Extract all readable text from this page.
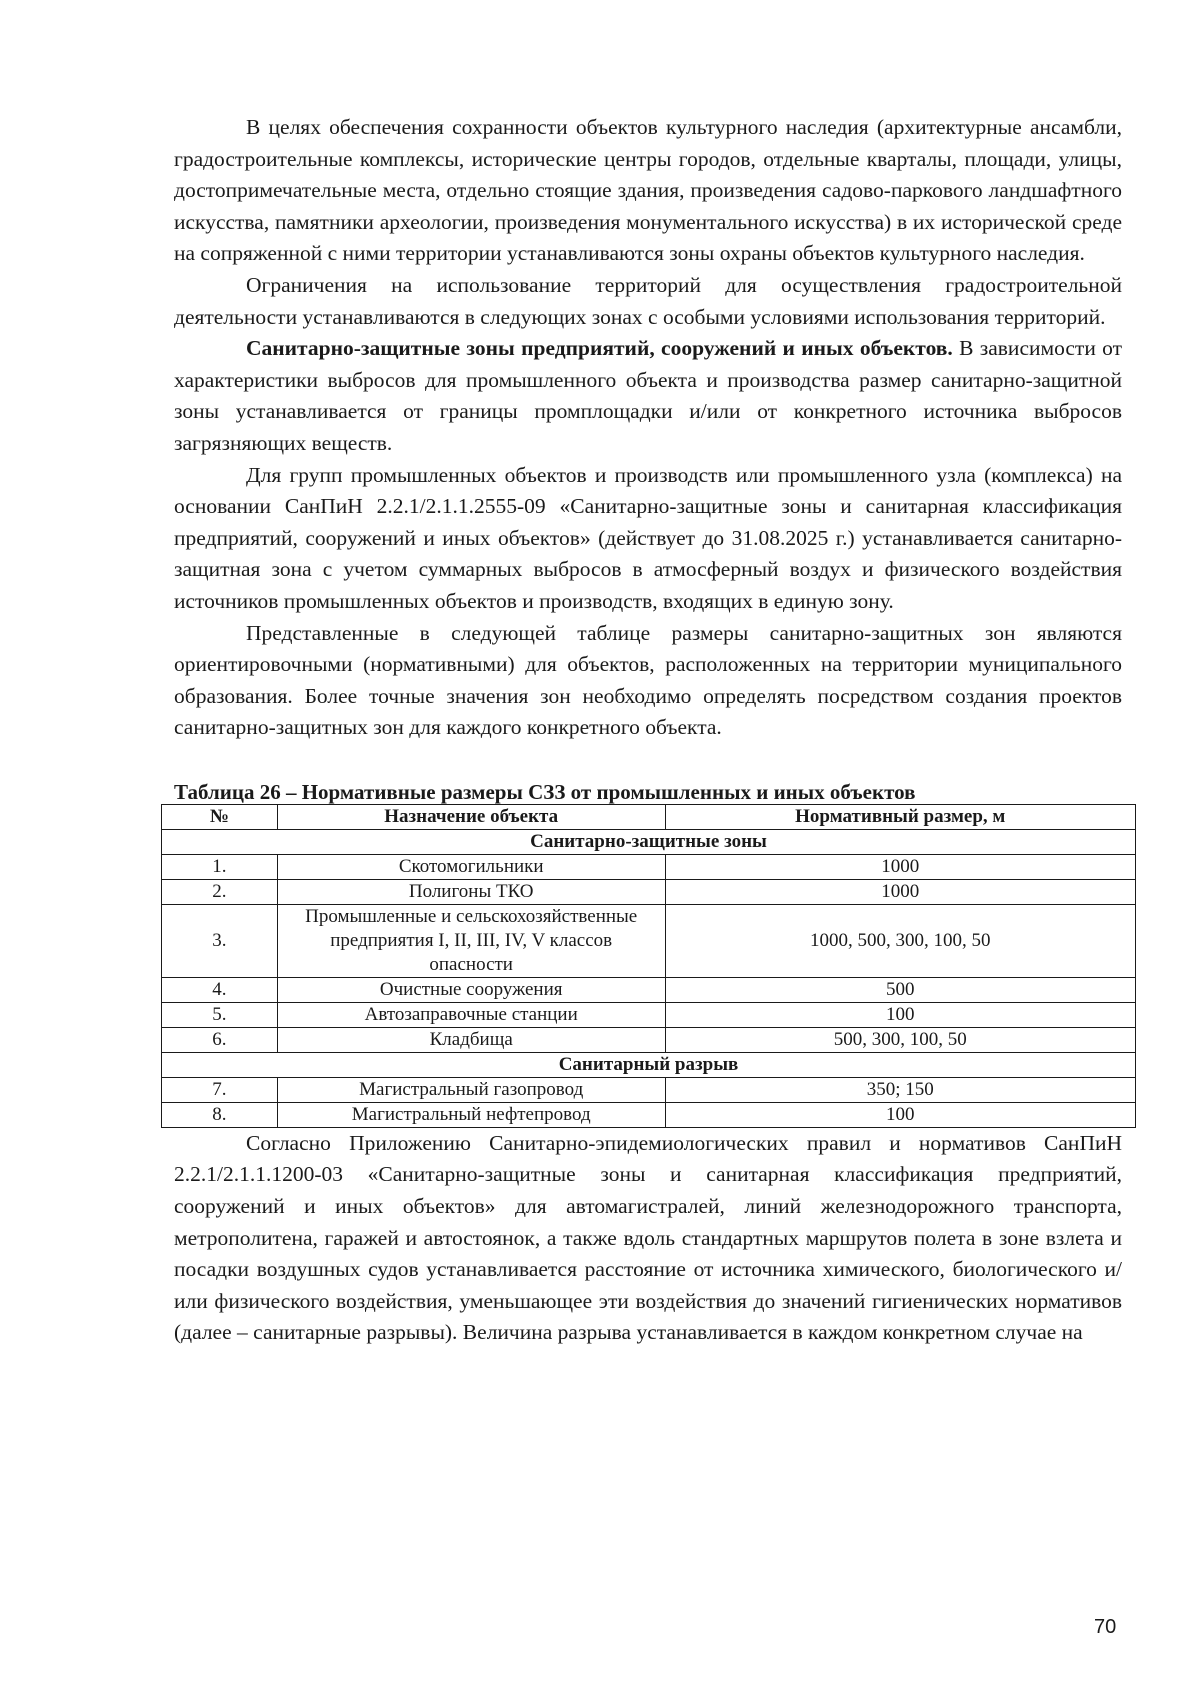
В целях обеспечения сохранности объектов культурного наследия (архитектурные ансамбли, градостроительные комплексы, исторические центры городов, отдельные кварталы, площади, улицы, достопримечательные места, отдельно стоящие здания, произведения садово-паркового ландшафтного искусства, памятники археологии, произведения монументального искусства) в их исторической среде на сопряженной с ними территории устанавливаются зоны охраны объектов культурного наследия.

Ограничения на использование территорий для осуществления градостроительной деятельности устанавливаются в следующих зонах с особыми условиями использования территорий.

Санитарно-защитные зоны предприятий, сооружений и иных объектов. В зависимости от характеристики выбросов для промышленного объекта и производства размер санитарно-защитной зоны устанавливается от границы промплощадки и/или от конкретного источника выбросов загрязняющих веществ.

Для групп промышленных объектов и производств или промышленного узла (комплекса) на основании СанПиН 2.2.1/2.1.1.2555-09 «Санитарно-защитные зоны и санитарная классификация предприятий, сооружений и иных объектов» (действует до 31.08.2025 г.) устанавливается санитарно-защитная зона с учетом суммарных выбросов в атмосферный воздух и физического воздействия источников промышленных объектов и производств, входящих в единую зону.

Представленные в следующей таблице размеры санитарно-защитных зон являются ориентировочными (нормативными) для объектов, расположенных на территории муниципального образования. Более точные значения зон необходимо определять посредством создания проектов санитарно-защитных зон для каждого конкретного объекта.

Таблица 26 – Нормативные размеры СЗЗ от промышленных и иных объектов
№	Назначение объекта	Нормативный размер, м
Санитарно-защитные зоны		
1.	Скотомогильники	1000
2.	Полигоны ТКО	1000
3.	Промышленные и сельскохозяйственные предприятия I, II, III, IV, V классов опасности	1000, 500, 300, 100, 50
4.	Очистные сооружения	500
5.	Автозаправочные станции	100
6.	Кладбища	500, 300, 100, 50
Санитарный разрыв		
7.	Магистральный газопровод	350; 150
8.	Магистральный нефтепровод	100

Согласно Приложению Санитарно-эпидемиологических правил и нормативов СанПиН 2.2.1/2.1.1.1200-03 «Санитарно-защитные зоны и санитарная классификация предприятий, сооружений и иных объектов» для автомагистралей, линий железнодорожного транспорта, метрополитена, гаражей и автостоянок, а также вдоль стандартных маршрутов полета в зоне взлета и посадки воздушных судов устанавливается расстояние от источника химического, биологического и/или физического воздействия, уменьшающее эти воздействия до значений гигиенических нормативов (далее – санитарные разрывы). Величина разрыва устанавливается в каждом конкретном случае на

70
